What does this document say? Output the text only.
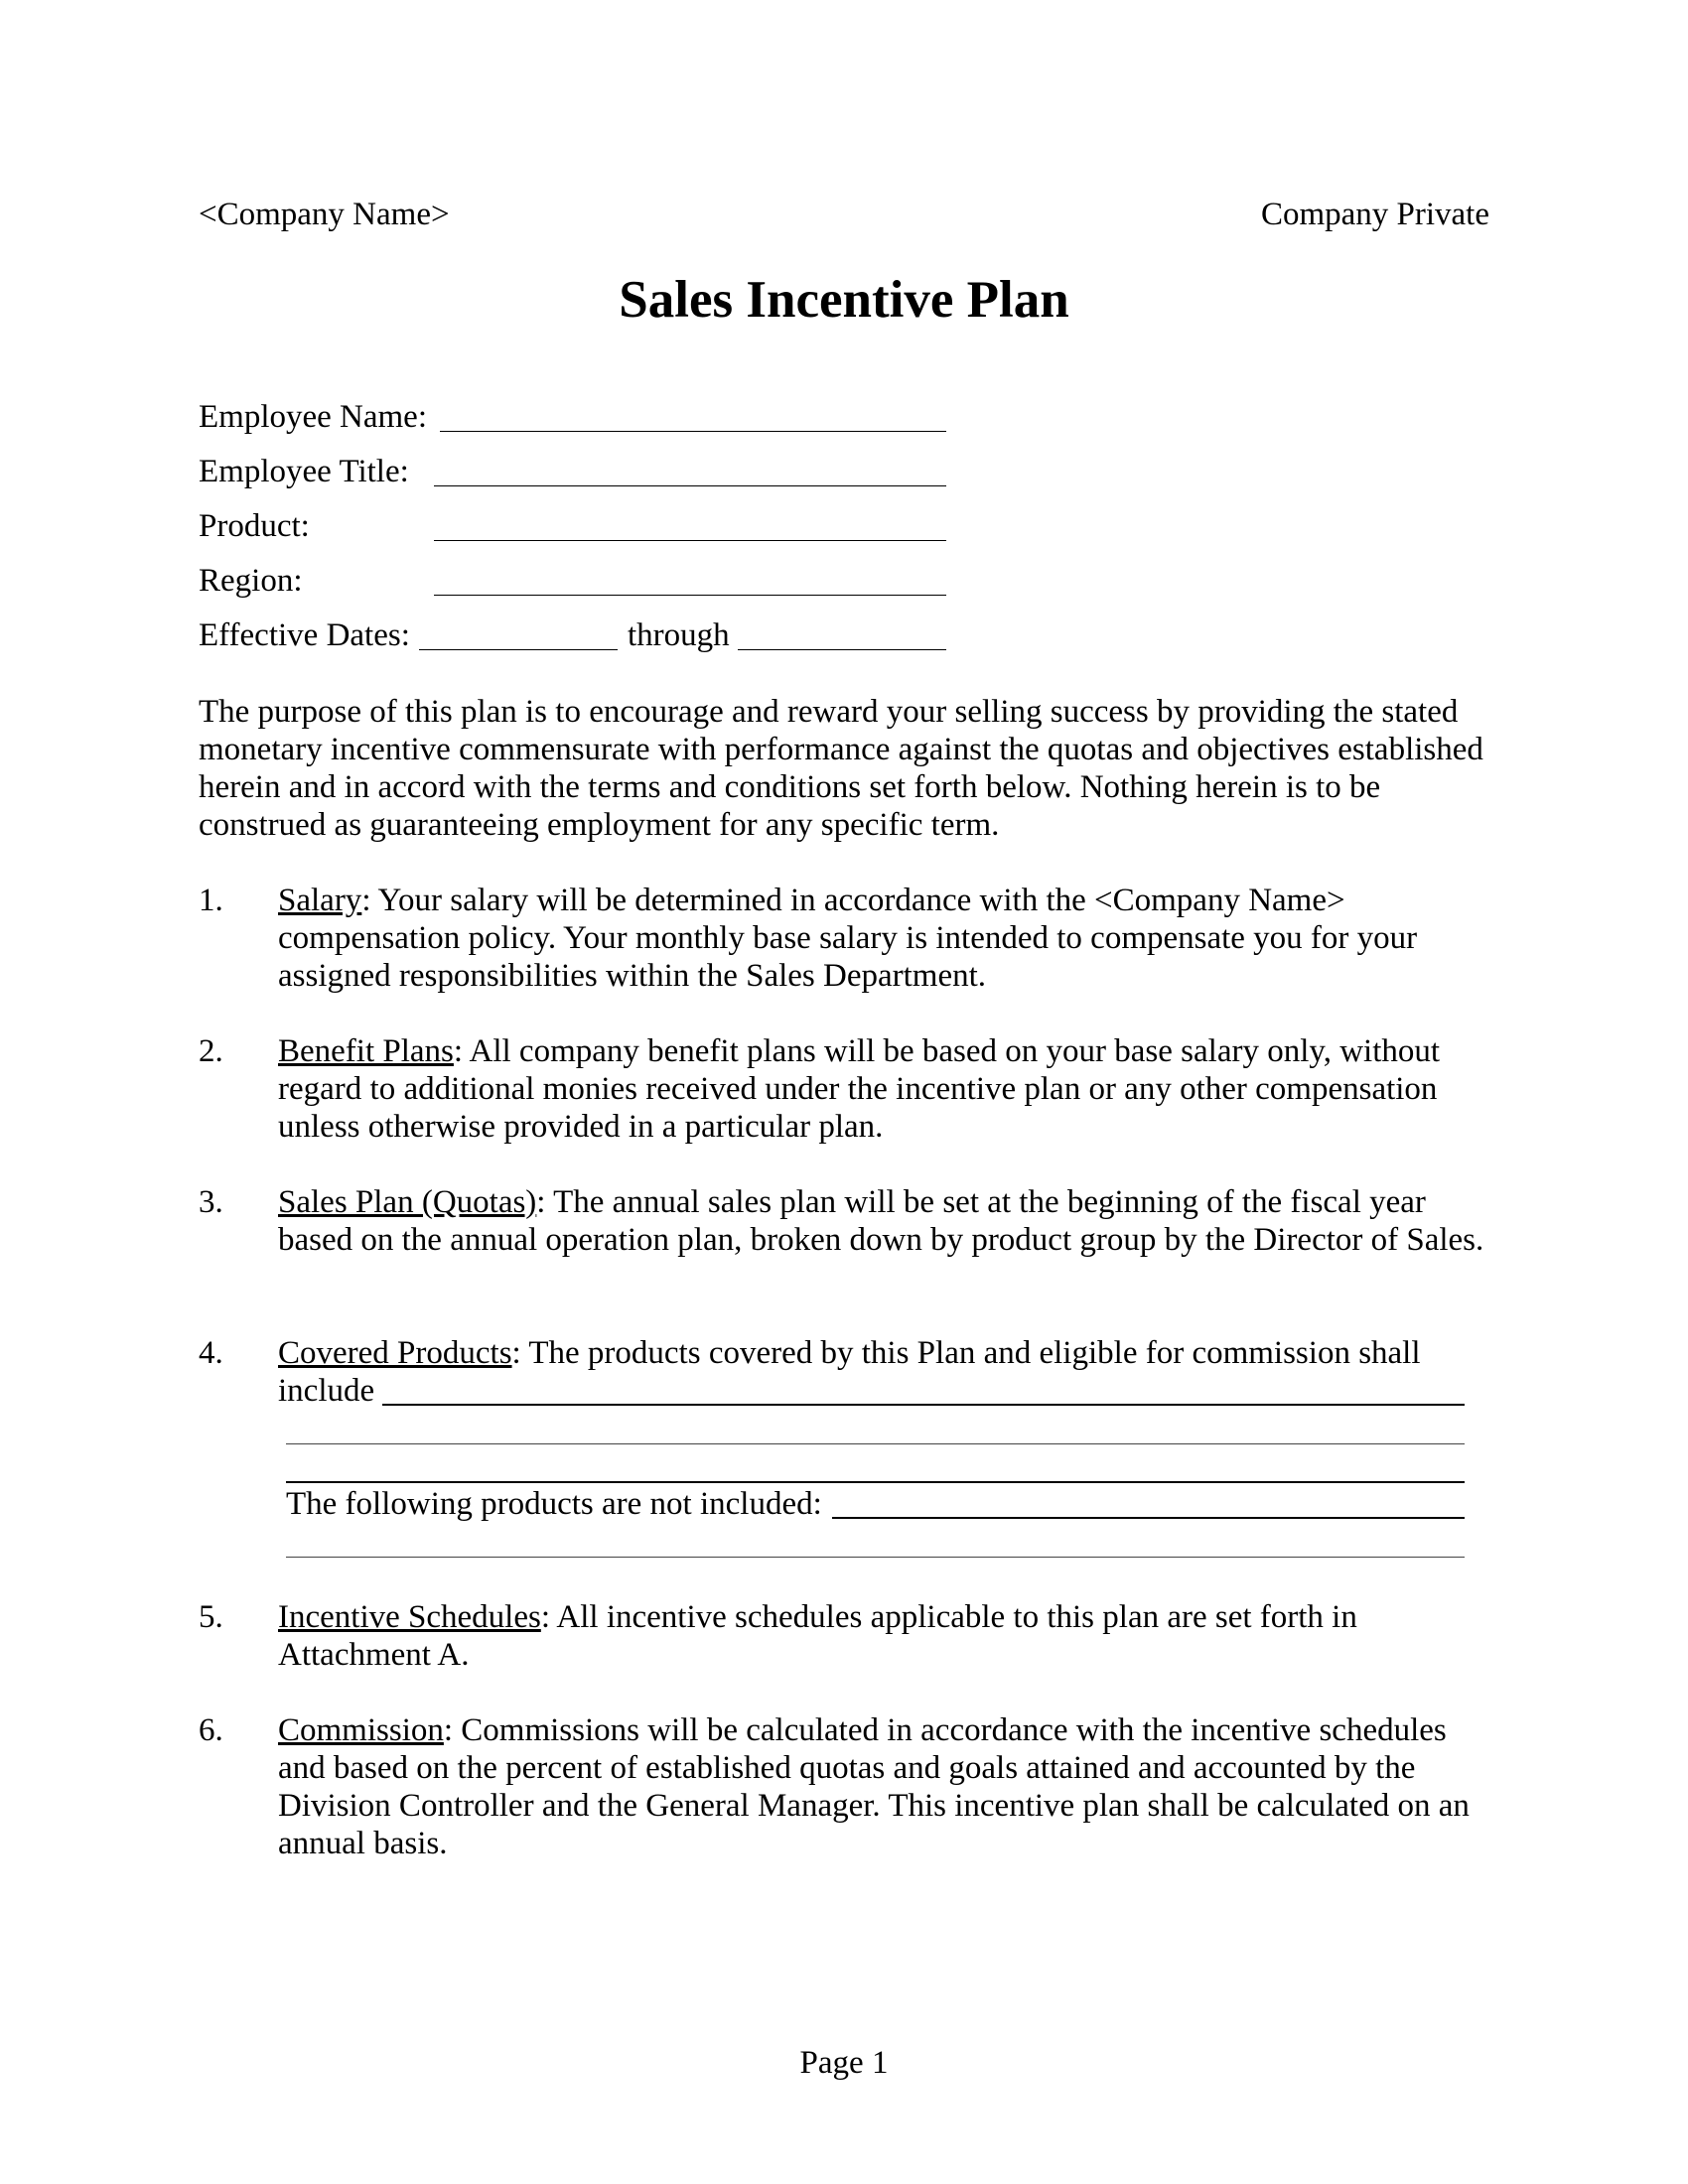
<Company Name>	Company Private
Sales Incentive Plan
Employee Name:
Employee Title:
Product:
Region:
Effective Dates:	through
The purpose of this plan is to encourage and reward your selling success by providing the stated monetary incentive commensurate with performance against the quotas and objectives established herein and in accord with the terms and conditions set forth below. Nothing herein is to be construed as guaranteeing employment for any specific term.
1. Salary: Your salary will be determined in accordance with the <Company Name> compensation policy. Your monthly base salary is intended to compensate you for your assigned responsibilities within the Sales Department.
2. Benefit Plans: All company benefit plans will be based on your base salary only, without regard to additional monies received under the incentive plan or any other compensation unless otherwise provided in a particular plan.
3. Sales Plan (Quotas): The annual sales plan will be set at the beginning of the fiscal year based on the annual operation plan, broken down by product group by the Director of Sales.
4. Covered Products: The products covered by this Plan and eligible for commission shall
include
The following products are not included:
5. Incentive Schedules: All incentive schedules applicable to this plan are set forth in Attachment A.
6. Commission: Commissions will be calculated in accordance with the incentive schedules and based on the percent of established quotas and goals attained and accounted by the Division Controller and the General Manager. This incentive plan shall be calculated on an annual basis.
Page 1
